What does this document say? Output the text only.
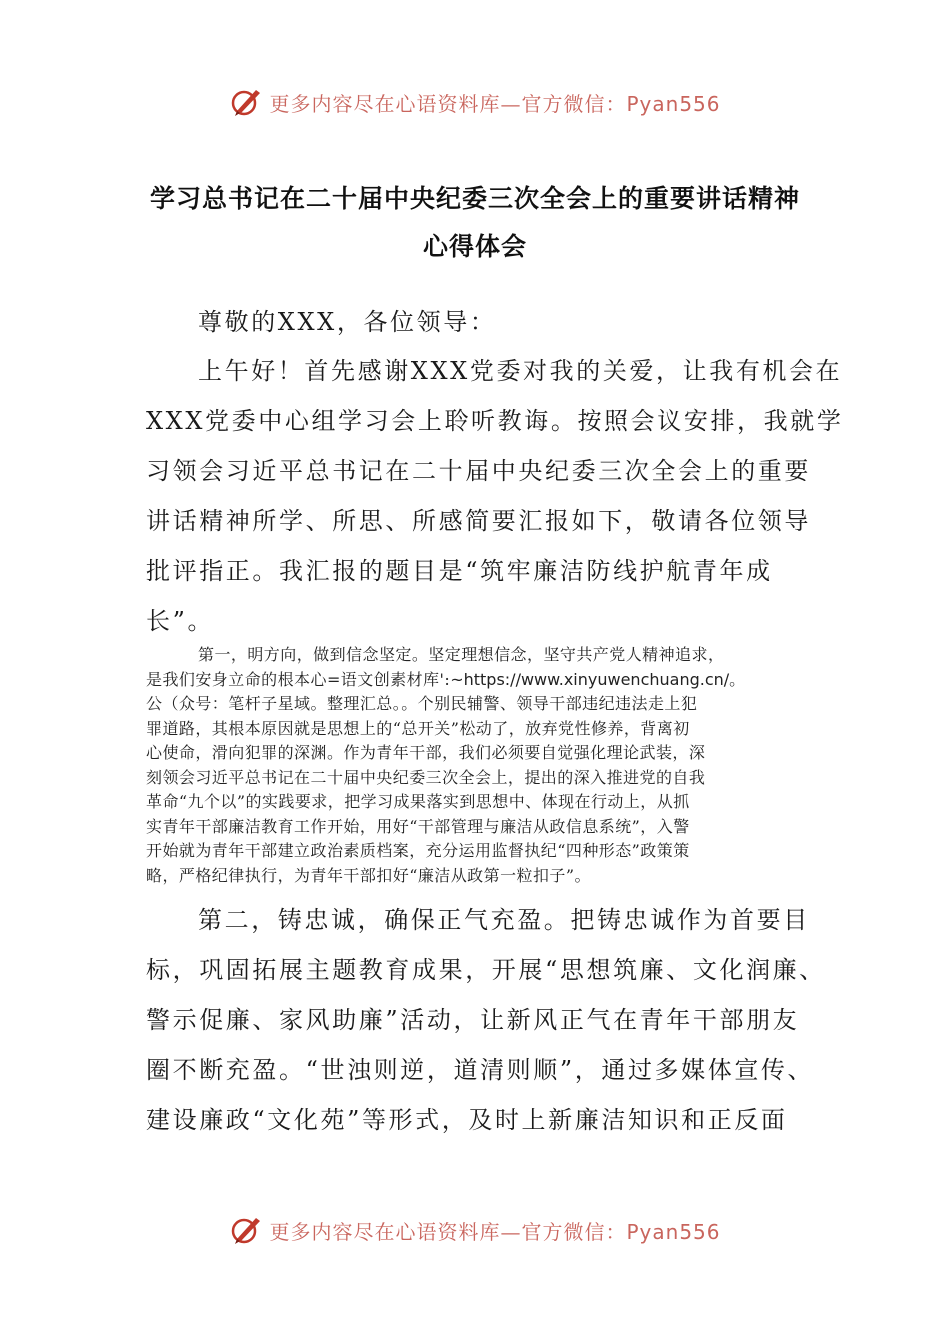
更多内容尽在心语资料库—官方微信：Pyan556
学习总书记在二十届中央纪委三次全会上的重要讲话精神
心得体会
尊敬的XXX，各位领导：
上午好！首先感谢XXX党委对我的关爱，让我有机会在
XXX党委中心组学习会上聆听教诲。按照会议安排，我就学
习领会习近平总书记在二十届中央纪委三次全会上的重要
讲话精神所学、所思、所感简要汇报如下，敬请各位领导
批评指正。我汇报的题目是“筑牢廉洁防线护航青年成
长”。
第一，明方向，做到信念坚定。坚定理想信念，坚守共产党人精神追求，
是我们安身立命的根本心=语文创素材库':~https://www.xinyuwenchuang.cn/。
公（众号：笔杆子星域。整理汇总。。个别民辅警、领导干部违纪违法走上犯
罪道路，其根本原因就是思想上的“总开关”松动了，放弃党性修养，背离初
心使命，滑向犯罪的深渊。作为青年干部，我们必须要自觉强化理论武装，深
刻领会习近平总书记在二十届中央纪委三次全会上，提出的深入推进党的自我
革命“九个以”的实践要求，把学习成果落实到思想中、体现在行动上，从抓
实青年干部廉洁教育工作开始，用好“干部管理与廉洁从政信息系统”，入警
开始就为青年干部建立政治素质档案，充分运用监督执纪“四种形态”政策策
略，严格纪律执行，为青年干部扣好“廉洁从政第一粒扣子”。
第二，铸忠诚，确保正气充盈。把铸忠诚作为首要目
标，巩固拓展主题教育成果，开展“思想筑廉、文化润廉、
警示促廉、家风助廉”活动，让新风正气在青年干部朋友
圈不断充盈。“世浊则逆，道清则顺”，通过多媒体宣传、
建设廉政“文化苑”等形式，及时上新廉洁知识和正反面
更多内容尽在心语资料库—官方微信：Pyan556
